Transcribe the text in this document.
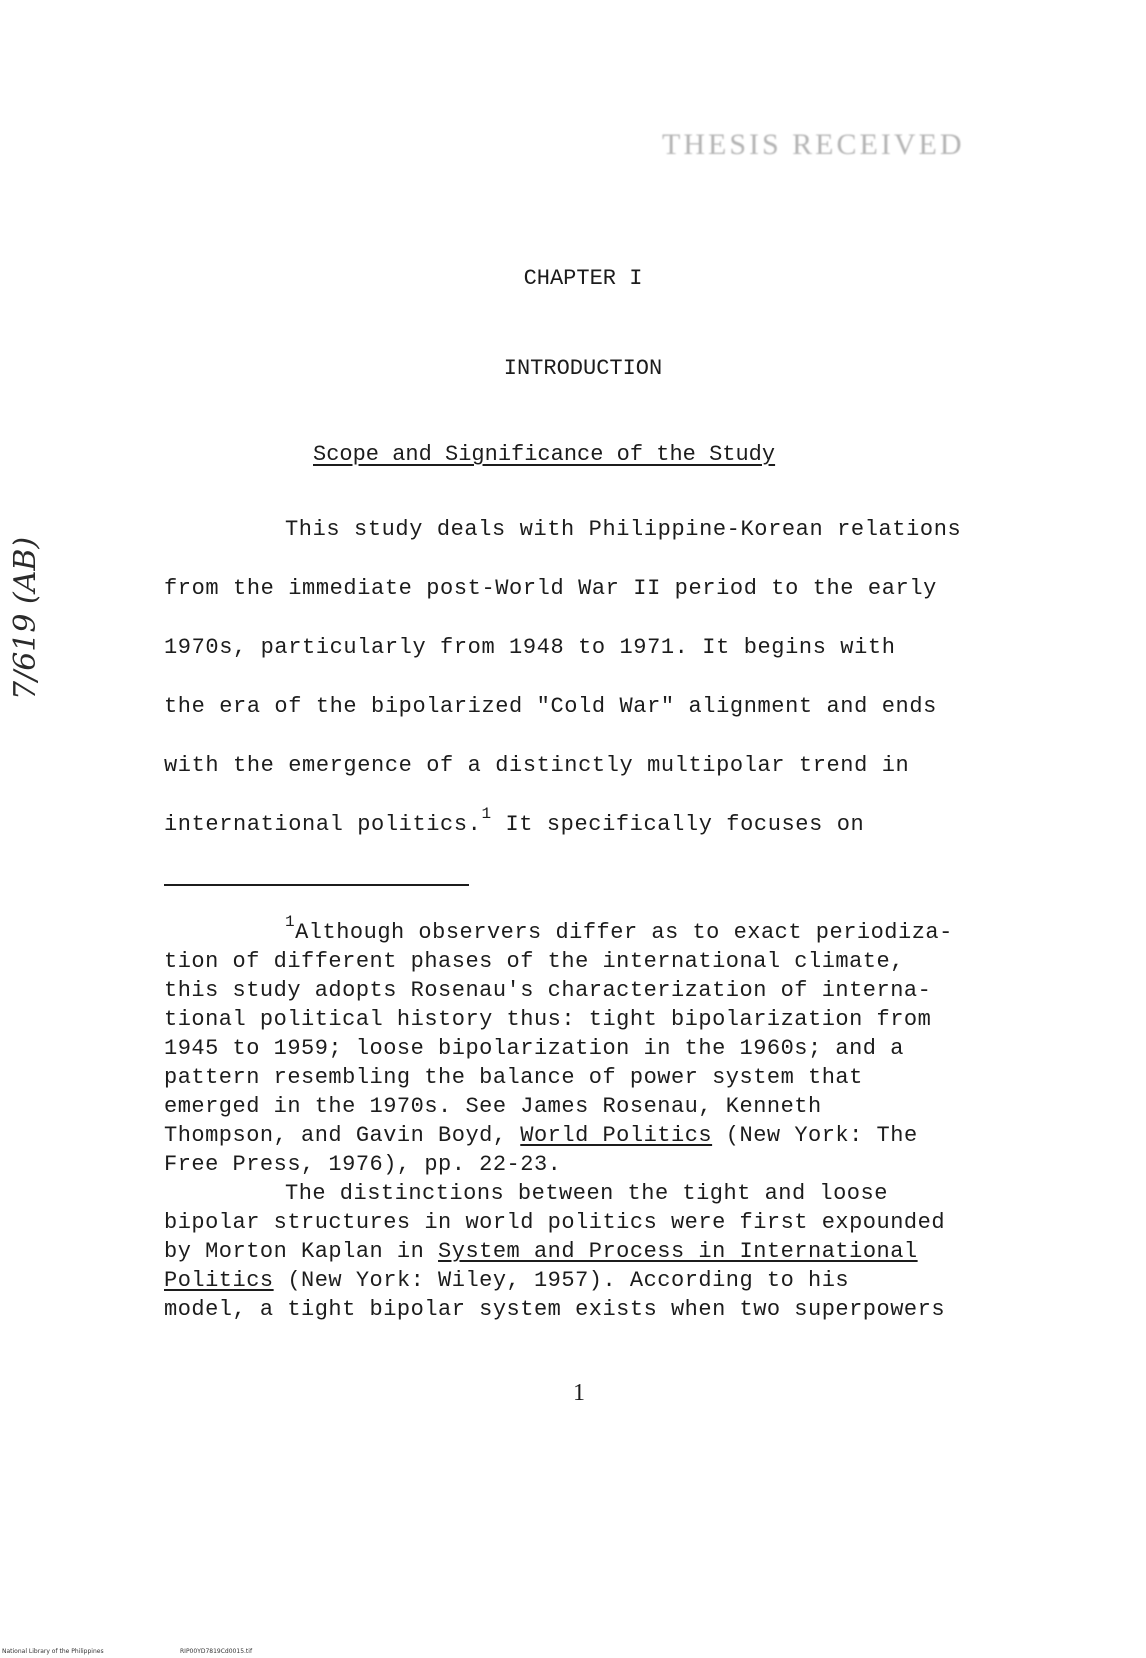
THESIS RECEIVED
7/619 (AB)
CHAPTER I
INTRODUCTION
Scope and Significance of the Study
This study deals with Philippine-Korean relations
from the immediate post-World War II period to the early
1970s, particularly from 1948 to 1971. It begins with
the era of the bipolarized "Cold War" alignment and ends
with the emergence of a distinctly multipolar trend in
international politics.$^1$ It specifically focuses on
$^1$Although observers differ as to exact periodiza-
tion of different phases of the international climate,
this study adopts Rosenau's characterization of interna-
tional political history thus: tight bipolarization from
1945 to 1959; loose bipolarization in the 1960s; and a
pattern resembling the balance of power system that
emerged in the 1970s. See James Rosenau, Kenneth
Thompson, and Gavin Boyd, World Politics (New York: The
Free Press, 1976), pp. 22-23.
The distinctions between the tight and loose
bipolar structures in world politics were first expounded
by Morton Kaplan in System and Process in International
Politics (New York: Wiley, 1957). According to his
model, a tight bipolar system exists when two superpowers
1
National Library of the Philippines	RIP00YD7819Cd0015.tif
